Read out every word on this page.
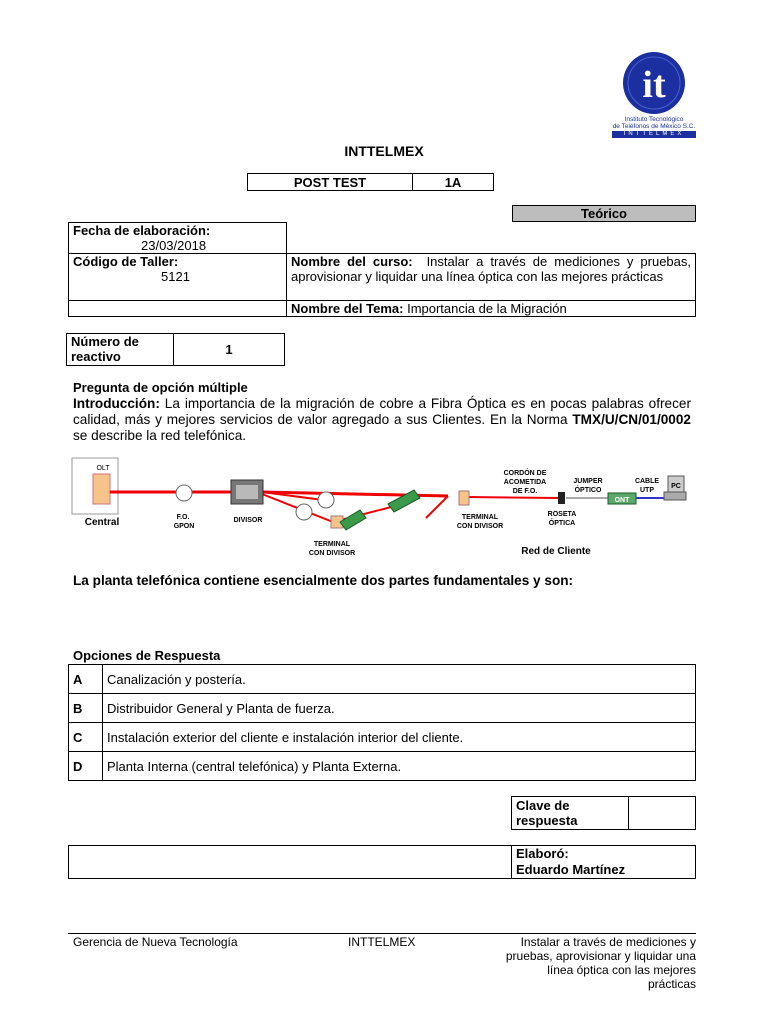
it
Instituto Tecnológico
de Teléfonos de México S.C.
INTTELMEX
INTTELMEX
POST TEST	1A
Teórico
Fecha de elaboración:
23/03/2018	

Código de Taller:
5121	Nombre del curso: Instalar a través de mediciones y pruebas, aprovisionar y liquidar una línea óptica con las mejores prácticas
	Nombre del Tema: Importancia de la Migración
Número de reactivo	1
Pregunta de opción múltiple
Introducción: La importancia de la migración de cobre a Fibra Óptica es en pocas palabras ofrecer calidad, más y mejores servicios de valor agregado a sus Clientes. En la Norma TMX/U/CN/01/0002 se describe la red telefónica.
OLT
Central	F.O. GPON
DIVISOR
TERMINAL CON DIVISOR
TERMINAL CON DIVISOR
CORDÓN DE ACOMETIDA DE F.O.
ROSETA ÓPTICA
JUMPER ÓPTICO
ONT
CABLE UTP
PC
Red de Cliente
La planta telefónica contiene esencialmente dos partes fundamentales y son:
Opciones de Respuesta
A	Canalización y postería.
B	Distribuidor General y Planta de fuerza.
C	Instalación exterior del cliente e instalación interior del cliente.
D	Planta Interna (central telefónica) y Planta Externa.
Clave de respuesta	

Elaboró:
Eduardo Martínez
Gerencia de Nueva Tecnología	INTTELMEX	Instalar a través de mediciones y pruebas, aprovisionar y liquidar una línea óptica con las mejores prácticas
